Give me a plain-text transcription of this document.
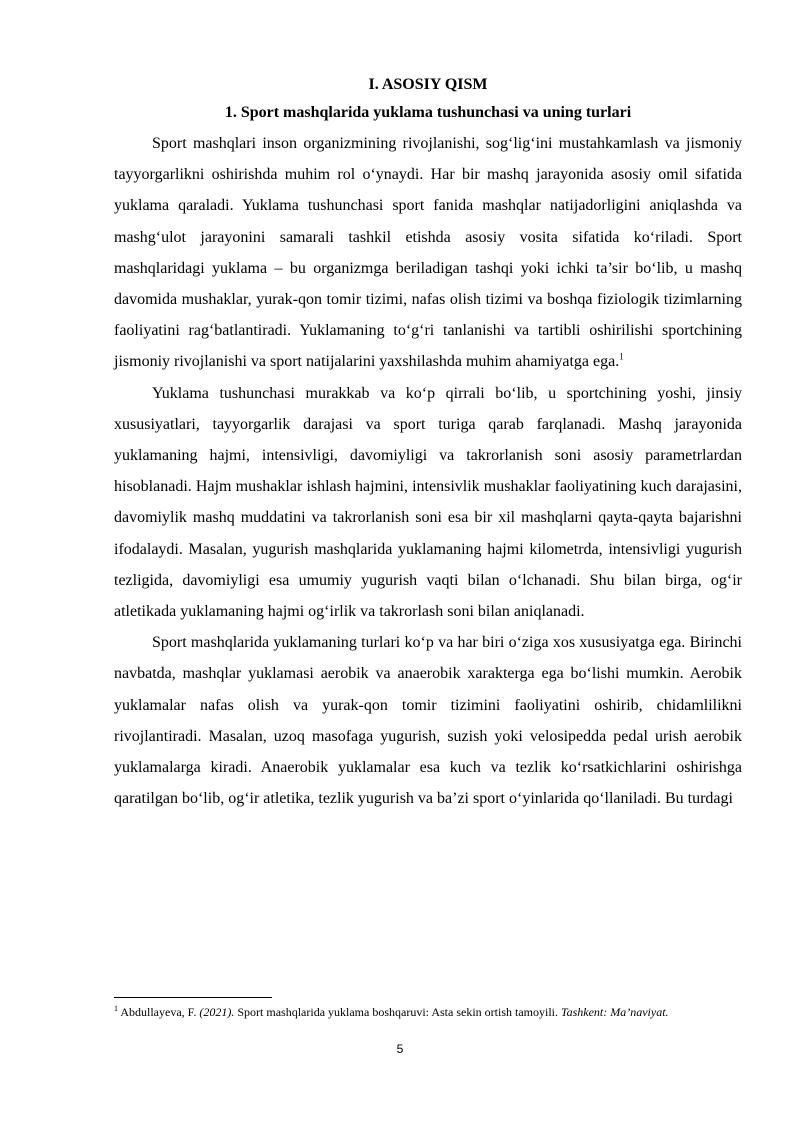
I. ASOSIY QISM
1. Sport mashqlarida yuklama tushunchasi va uning turlari

Sport mashqlari inson organizmining rivojlanishi, sog‘lig‘ini mustahkamlash va jismoniy tayyorgarlikni oshirishda muhim rol o‘ynaydi. Har bir mashq jarayonida asosiy omil sifatida yuklama qaraladi. Yuklama tushunchasi sport fanida mashqlar natijadorligini aniqlashda va mashg‘ulot jarayonini samarali tashkil etishda asosiy vosita sifatida ko‘riladi. Sport mashqlaridagi yuklama – bu organizmga beriladigan tashqi yoki ichki ta’sir bo‘lib, u mashq davomida mushaklar, yurak-qon tomir tizimi, nafas olish tizimi va boshqa fiziologik tizimlarning faoliyatini rag‘batlantiradi. Yuklamaning to‘g‘ri tanlanishi va tartibli oshirilishi sportchining jismoniy rivojlanishi va sport natijalarini yaxshilashda muhim ahamiyatga ega.$^1$

Yuklama tushunchasi murakkab va ko‘p qirrali bo‘lib, u sportchining yoshi, jinsiy xususiyatlari, tayyorgarlik darajasi va sport turiga qarab farqlanadi. Mashq jarayonida yuklamaning hajmi, intensivligi, davomiyligi va takrorlanish soni asosiy parametrlardan hisoblanadi. Hajm mushaklar ishlash hajmini, intensivlik mushaklar faoliyatining kuch darajasini, davomiylik mashq muddatini va takrorlanish soni esa bir xil mashqlarni qayta-qayta bajarishni ifodalaydi. Masalan, yugurish mashqlarida yuklamaning hajmi kilometrda, intensivligi yugurish tezligida, davomiyligi esa umumiy yugurish vaqti bilan o‘lchanadi. Shu bilan birga, og‘ir atletikada yuklamaning hajmi og‘irlik va takrorlash soni bilan aniqlanadi.

Sport mashqlarida yuklamaning turlari ko‘p va har biri o‘ziga xos xususiyatga ega. Birinchi navbatda, mashqlar yuklamasi aerobik va anaerobik xarakterga ega bo‘lishi mumkin. Aerobik yuklamalar nafas olish va yurak-qon tomir tizimini faoliyatini oshirib, chidamlilikni rivojlantiradi. Masalan, uzoq masofaga yugurish, suzish yoki velosipedda pedal urish aerobik yuklamalarga kiradi. Anaerobik yuklamalar esa kuch va tezlik ko‘rsatkichlarini oshirishga qaratilgan bo‘lib, og‘ir atletika, tezlik yugurish va ba’zi sport o‘yinlarida qo‘llaniladi. Bu turdagi

$^1$ Abdullayeva, F. (2021). Sport mashqlarida yuklama boshqaruvi: Asta sekin ortish tamoyili. Tashkent: Ma’naviyat.
5
